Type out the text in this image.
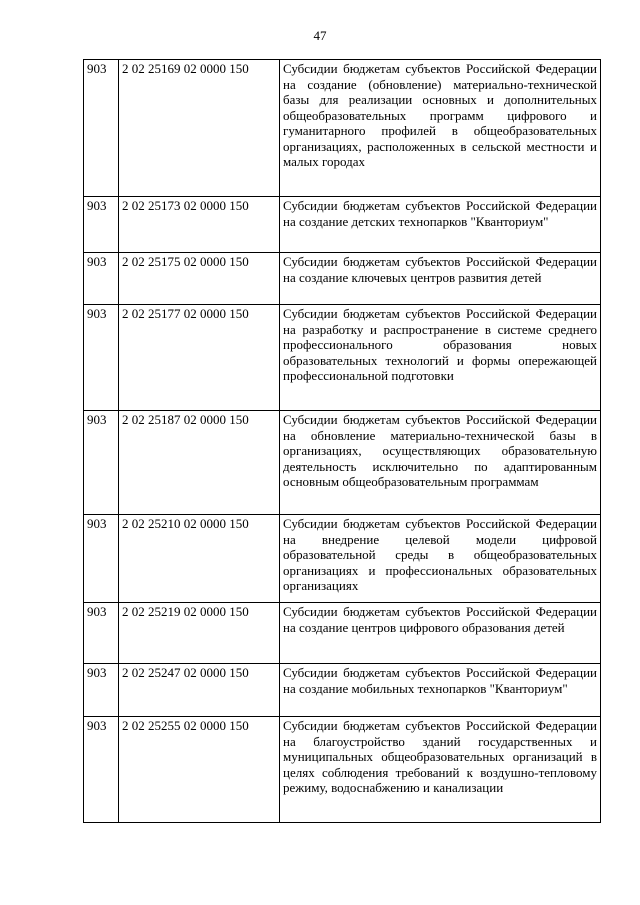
47
903	2 02 25169 02 0000 150	Субсидии бюджетам субъектов Российской Федерации на создание (обновление) материально-технической базы для реализации основных и дополнительных общеобразовательных программ цифрового и гуманитарного профилей в общеобразовательных организациях, расположенных в сельской местности и малых городах
903	2 02 25173 02 0000 150	Субсидии бюджетам субъектов Российской Федерации на создание детских технопарков "Кванториум"
903	2 02 25175 02 0000 150	Субсидии бюджетам субъектов Российской Федерации на создание ключевых центров развития детей
903	2 02 25177 02 0000 150	Субсидии бюджетам субъектов Российской Федерации на разработку и распространение в системе среднего профессионального образования новых образовательных технологий и формы опережающей профессиональной подготовки
903	2 02 25187 02 0000 150	Субсидии бюджетам субъектов Российской Федерации на обновление материально-технической базы в организациях, осуществляющих образовательную деятельность исключительно по адаптированным основным общеобразовательным программам
903	2 02 25210 02 0000 150	Субсидии бюджетам субъектов Российской Федерации на внедрение целевой модели цифровой образовательной среды в общеобразовательных организациях и профессиональных образовательных организациях
903	2 02 25219 02 0000 150	Субсидии бюджетам субъектов Российской Федерации на создание центров цифрового образования детей
903	2 02 25247 02 0000 150	Субсидии бюджетам субъектов Российской Федерации на создание мобильных технопарков "Кванториум"
903	2 02 25255 02 0000 150	Субсидии бюджетам субъектов Российской Федерации на благоустройство зданий государственных и муниципальных общеобразовательных организаций в целях соблюдения требований к воздушно-тепловому режиму, водоснабжению и канализации
